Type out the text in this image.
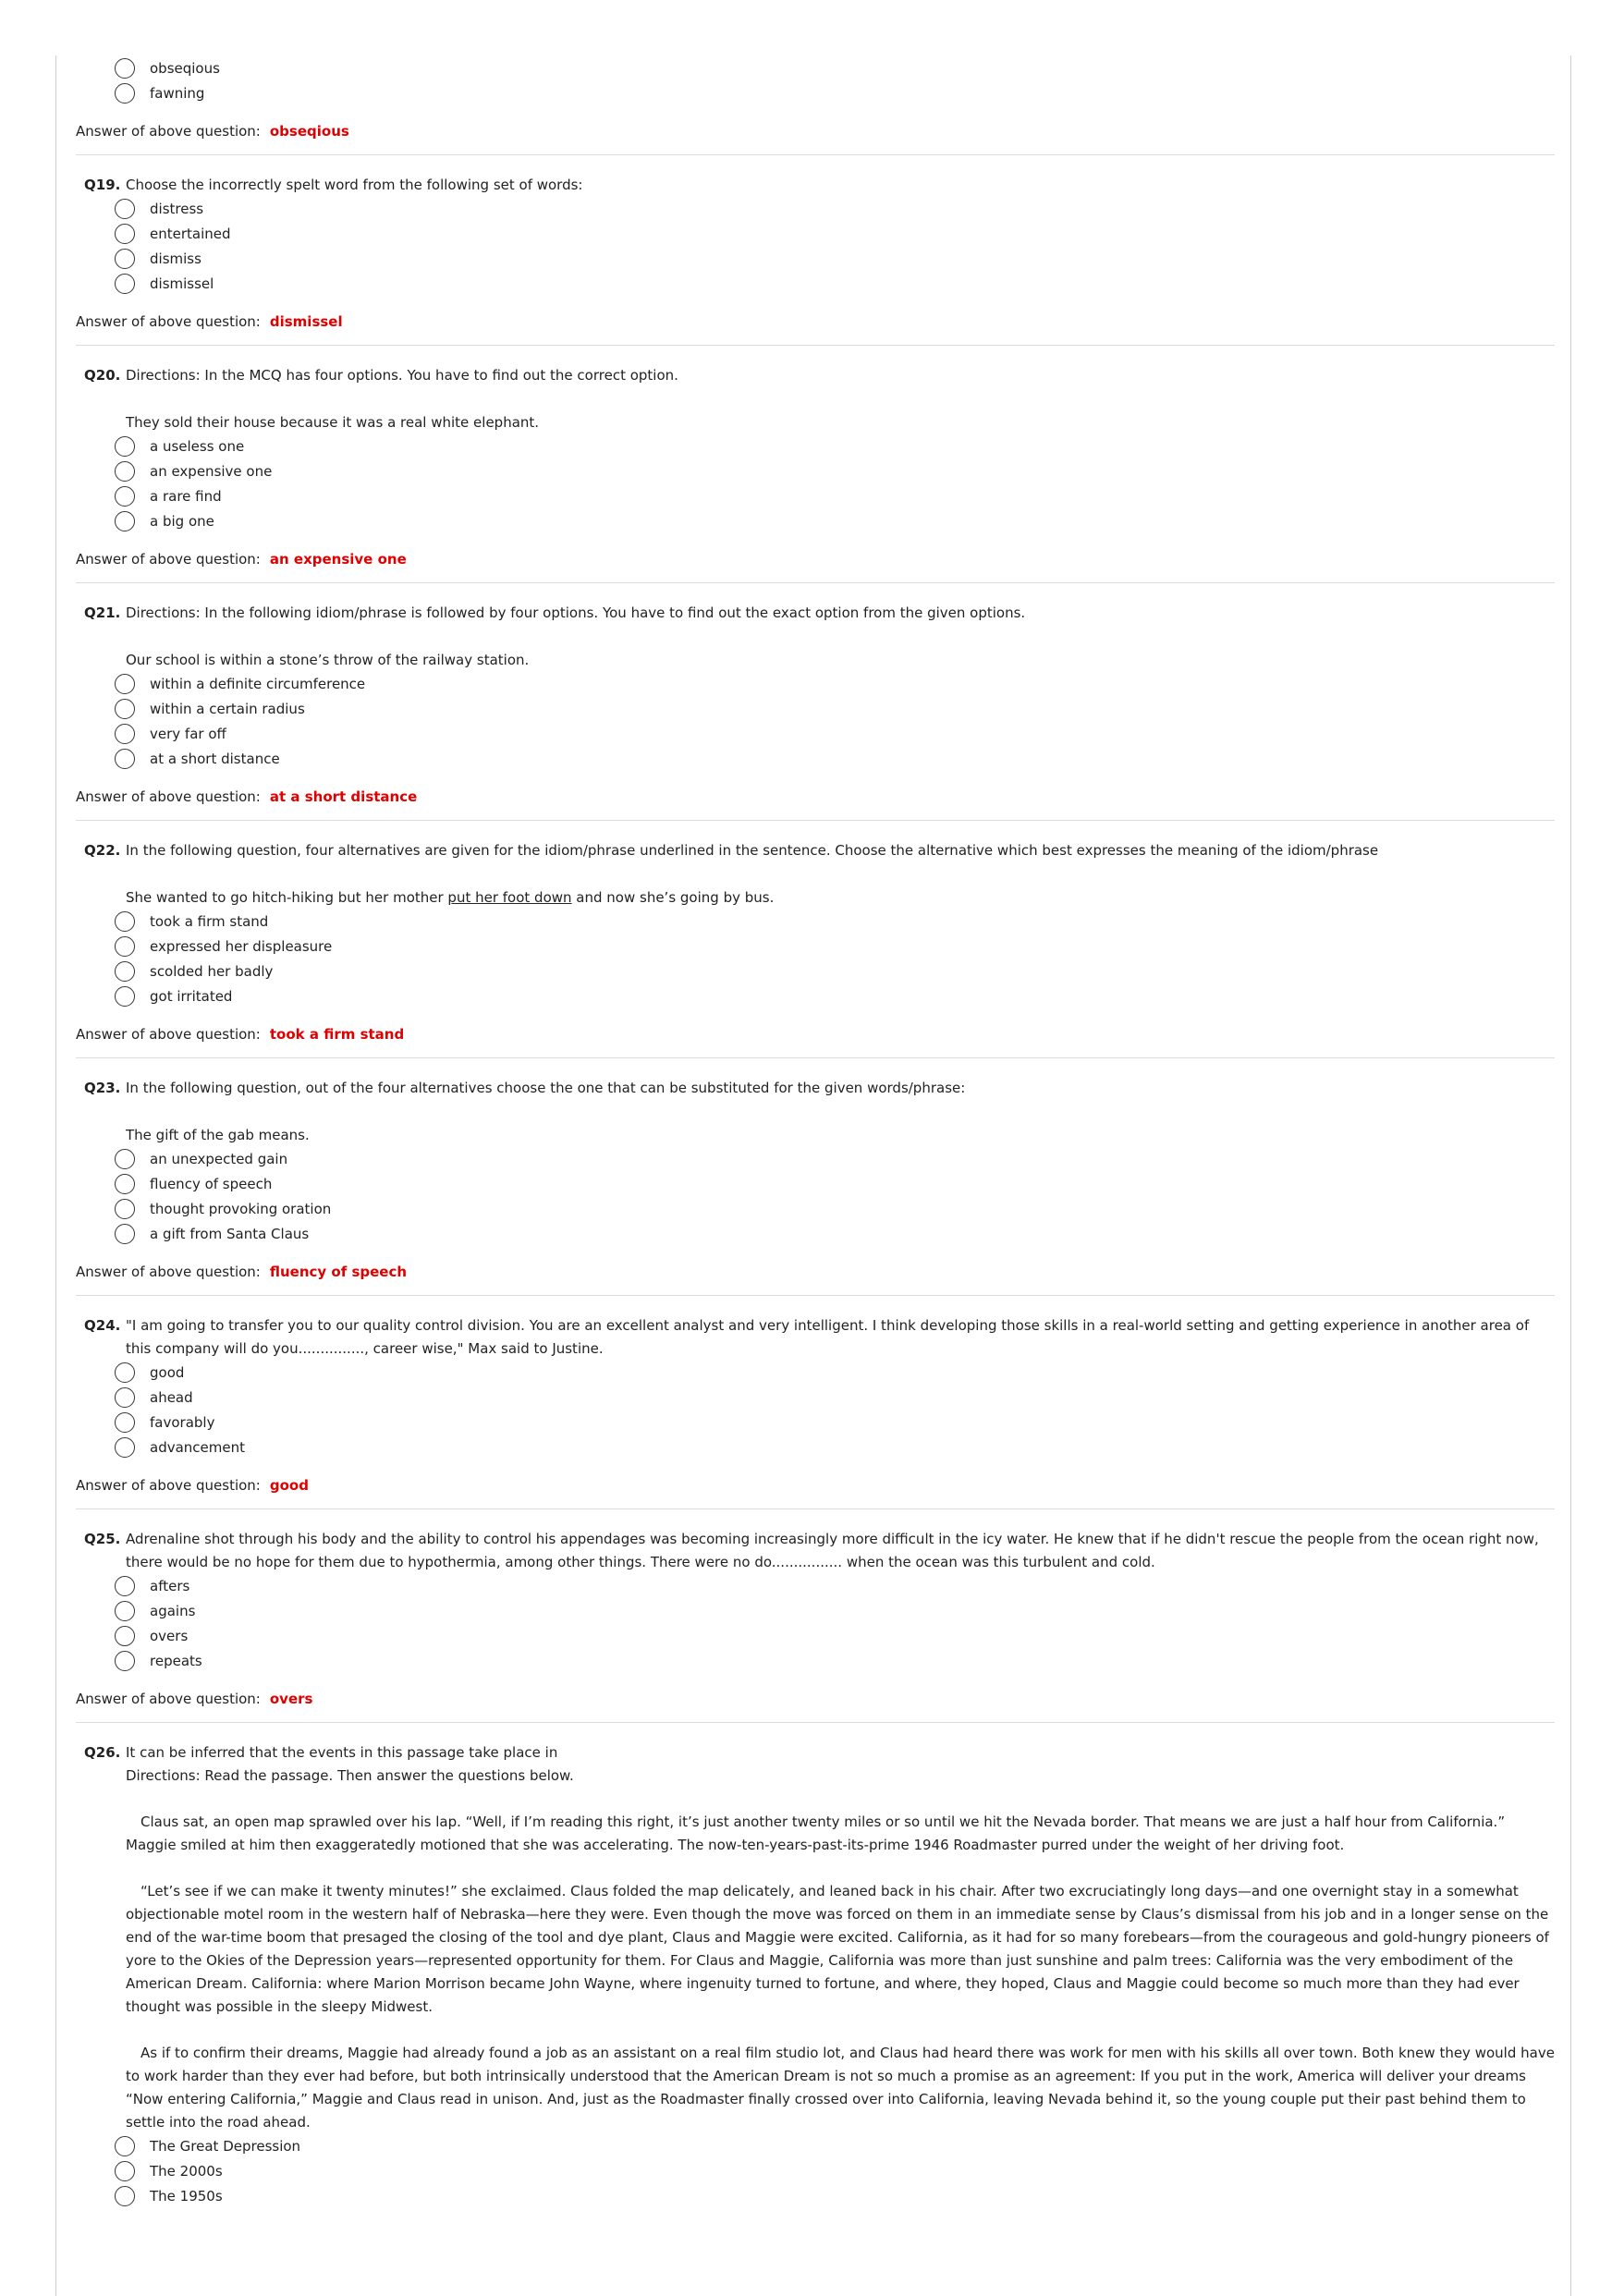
obseqious
fawning
Answer of above question: obseqious
Q19. Choose the incorrectly spelt word from the following set of words:
distress
entertained
dismiss
dismissel
Answer of above question: dismissel
Q20. Directions: In the MCQ has four options. You have to find out the correct option.
They sold their house because it was a real white elephant.
a useless one
an expensive one
a rare find
a big one
Answer of above question: an expensive one
Q21. Directions: In the following idiom/phrase is followed by four options. You have to find out the exact option from the given options.
Our school is within a stone’s throw of the railway station.
within a definite circumference
within a certain radius
very far off
at a short distance
Answer of above question: at a short distance
Q22. In the following question, four alternatives are given for the idiom/phrase underlined in the sentence. Choose the alternative which best expresses the meaning of the idiom/phrase
She wanted to go hitch-hiking but her mother put her foot down and now she’s going by bus.
took a firm stand
expressed her displeasure
scolded her badly
got irritated
Answer of above question: took a firm stand
Q23. In the following question, out of the four alternatives choose the one that can be substituted for the given words/phrase:
The gift of the gab means.
an unexpected gain
fluency of speech
thought provoking oration
a gift from Santa Claus
Answer of above question: fluency of speech
Q24. "I am going to transfer you to our quality control division. You are an excellent analyst and very intelligent. I think developing those skills in a real-world setting and getting experience in another area of this company will do you..............., career wise," Max said to Justine.
good
ahead
favorably
advancement
Answer of above question: good
Q25. Adrenaline shot through his body and the ability to control his appendages was becoming increasingly more difficult in the icy water. He knew that if he didn't rescue the people from the ocean right now, there would be no hope for them due to hypothermia, among other things. There were no do................ when the ocean was this turbulent and cold.
afters
agains
overs
repeats
Answer of above question: overs
Q26. It can be inferred that the events in this passage take place in
Directions: Read the passage. Then answer the questions below.

Claus sat, an open map sprawled over his lap. “Well, if I’m reading this right, it’s just another twenty miles or so until we hit the Nevada border. That means we are just a half hour from California.” Maggie smiled at him then exaggeratedly motioned that she was accelerating. The now-ten-years-past-its-prime 1946 Roadmaster purred under the weight of her driving foot.

“Let’s see if we can make it twenty minutes!” she exclaimed. Claus folded the map delicately, and leaned back in his chair. After two excruciatingly long days—and one overnight stay in a somewhat objectionable motel room in the western half of Nebraska—here they were. Even though the move was forced on them in an immediate sense by Claus’s dismissal from his job and in a longer sense on the end of the war-time boom that presaged the closing of the tool and dye plant, Claus and Maggie were excited. California, as it had for so many forebears—from the courageous and gold-hungry pioneers of yore to the Okies of the Depression years—represented opportunity for them. For Claus and Maggie, California was more than just sunshine and palm trees: California was the very embodiment of the American Dream. California: where Marion Morrison became John Wayne, where ingenuity turned to fortune, and where, they hoped, Claus and Maggie could become so much more than they had ever thought was possible in the sleepy Midwest.

As if to confirm their dreams, Maggie had already found a job as an assistant on a real film studio lot, and Claus had heard there was work for men with his skills all over town. Both knew they would have to work harder than they ever had before, but both intrinsically understood that the American Dream is not so much a promise as an agreement: If you put in the work, America will deliver your dreams “Now entering California,” Maggie and Claus read in unison. And, just as the Roadmaster finally crossed over into California, leaving Nevada behind it, so the young couple put their past behind them to settle into the road ahead.

The Great Depression
The 2000s
The 1950s
